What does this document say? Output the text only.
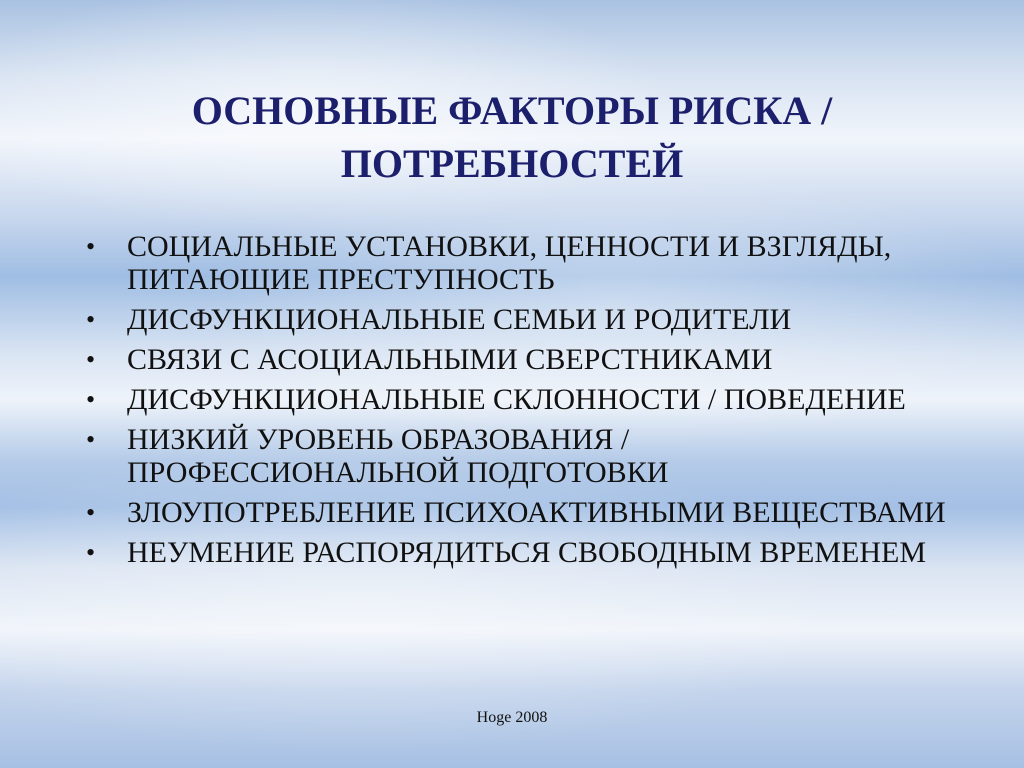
ОСНОВНЫЕ ФАКТОРЫ РИСКА /
ПОТРЕБНОСТЕЙ
• СОЦИАЛЬНЫЕ УСТАНОВКИ, ЦЕННОСТИ И ВЗГЛЯДЫ, ПИТАЮЩИЕ ПРЕСТУПНОСТЬ
• ДИСФУНКЦИОНАЛЬНЫЕ СЕМЬИ И РОДИТЕЛИ
• СВЯЗИ С АСОЦИАЛЬНЫМИ СВЕРСТНИКАМИ
• ДИСФУНКЦИОНАЛЬНЫЕ СКЛОННОСТИ / ПОВЕДЕНИЕ
• НИЗКИЙ УРОВЕНЬ ОБРАЗОВАНИЯ / ПРОФЕССИОНАЛЬНОЙ ПОДГОТОВКИ
• ЗЛОУПОТРЕБЛЕНИЕ ПСИХОАКТИВНЫМИ ВЕЩЕСТВАМИ
• НЕУМЕНИЕ РАСПОРЯДИТЬСЯ СВОБОДНЫМ ВРЕМЕНЕМ
Hoge 2008
